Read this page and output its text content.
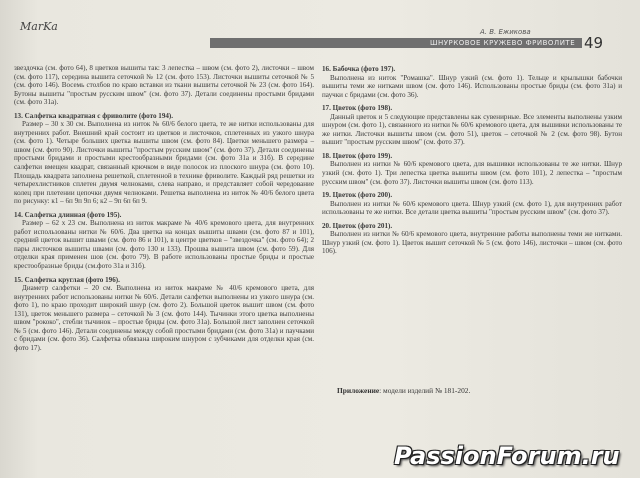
MarKa	А. В. Ежикова
ШНУРКОВОЕ КРУЖЕВО ФРИВОЛИТЕ 49

звездочка (см. фото 64), 8 цветков вышиты так: 3 лепестка – швом (см. фото 2), листочки – швом (см. фото 117), середина вышита сеточкой № 12 (см. фото 153). Листочки вышиты сеточкой № 5 (см. фото 146). Восемь столбов по краю вставки из ткани вышиты сеточкой № 23 (см. фото 164). Бутоны вышиты "простым русским швом" (см. фото 37). Детали соединены простыми бридами (см. фото 31а).

13. Салфетка квадратная с фриволите (фото 194).

Размер – 30 х 30 см. Выполнена из ниток № 60/6 белого цвета, те же нитки использованы для внутренних работ. Внешний край состоит из цветков и листочков, сплетенных из узкого шнура (см. фото 1). Четыре больших цветка вышиты швом (см. фото 84). Цветки меньшего размера – швом (см. фото 90). Листочки вышиты "простым русским швом" (см. фото 37). Детали соединены простыми бридами и простыми крестообразными бридами (см. фото 31а и 31б). В середине салфетки вмещен квадрат, связанный крючком в виде полосок из плоского шнура (см. фото 10). Площадь квадрата заполнена решеткой, сплетенной в технике фриволите. Каждый ряд решетки из четырехлистников сплетен двумя челноками, слева направо, и представляет собой чередование колец при плетении цепочки двумя челноками. Решетка выполнена из ниток № 40/6 белого цвета по рисунку: к1 – 6п 9п 9п 6; к2 – 9п 6п 6п 9.

14. Салфетка длинная (фото 195).

Размер – 62 х 23 см. Выполнена из ниток макраме № 40/6 кремового цвета, для внутренних работ использованы нитки № 60/6. Два цветка на концах вышиты швами (см. фото 87 и 101), средний цветок вышит швами (см. фото 86 и 101), в центре цветков – "звездочка" (см. фото 64); 2 пары листочков вышиты швами (см. фото 130 и 133). Прошва вышита швом (см. фото 59). Для отделки края применен шов (см. фото 79). В работе использованы простые бриды и простые крестообразные бриды (см.фото 31а и 31б).

15. Салфетка круглая (фото 196).

Диаметр салфетки – 20 см. Выполнена из ниток макраме № 40/6 кремового цвета, для внутренних работ использованы нитки № 60/6. Детали салфетки выполнены из узкого шнура (см. фото 1), по краю проходит широкий шнур (см. фото 2). Большой цветок вышит швом (см. фото 131), цветок меньшего размера – сеточкой № 3 (см. фото 144). Тычинки этого цветка выполнены швом "рококо", стебли тычинок – простые бриды (см. фото 31а). Большой лист заполнен сеточкой № 5 (см. фото 146). Детали соединены между собой простыми бридами (см. фото 31а) и паучками с бридами (см. фото 36). Салфетка обвязана широким шнуром с зубчиками для отделки края (см. фото 17).

16. Бабочка (фото 197).

Выполнена из ниток "Ромашка". Шнур узкий (см. фото 1). Тельце и крылышки бабочки вышиты теми же нитками швом (см. фото 146). Использованы простые бриды (см. фото 31а) и паучки с бридами (см. фото 36).

17. Цветок (фото 198).

Данный цветок и 5 следующие представлены как сувенирные. Все элементы выполнены узким шнуром (см. фото 1), связанного из нитки № 60/6 кремового цвета, для вышивки использованы те же нитки. Листочки вышиты швом (см. фото 51), цветок – сеточкой № 2 (см. фото 98). Бутон вышит "простым русским швом" (см. фото 37).

18. Цветок (фото 199).

Выполнен из нитки № 60/6 кремового цвета, для вышивки использованы те же нитки. Шнур узкий (см. фото 1). Три лепестка цветка вышиты швом (см. фото 101), 2 лепестка – "простым русским швом" (см. фото 37). Листочки вышиты швом (см. фото 113).

19. Цветок (фото 200).

Выполнен из нитки № 60/6 кремового цвета. Шнур узкий (см. фото 1), для внутренних работ использованы те же нитки. Все детали цветка вышиты "простым русским швом" (см. фото 37).

20. Цветок (фото 201).

Выполнен из нитки № 60/6 кремового цвета, внутренние работы выполнены теми же нитками. Шнур узкий (см. фото 1). Цветок вышит сеточкой № 5 (см. фото 146), листочки – швом (см. фото 106).

Приложение: модели изделий № 181-202.
PassionForum.ru
